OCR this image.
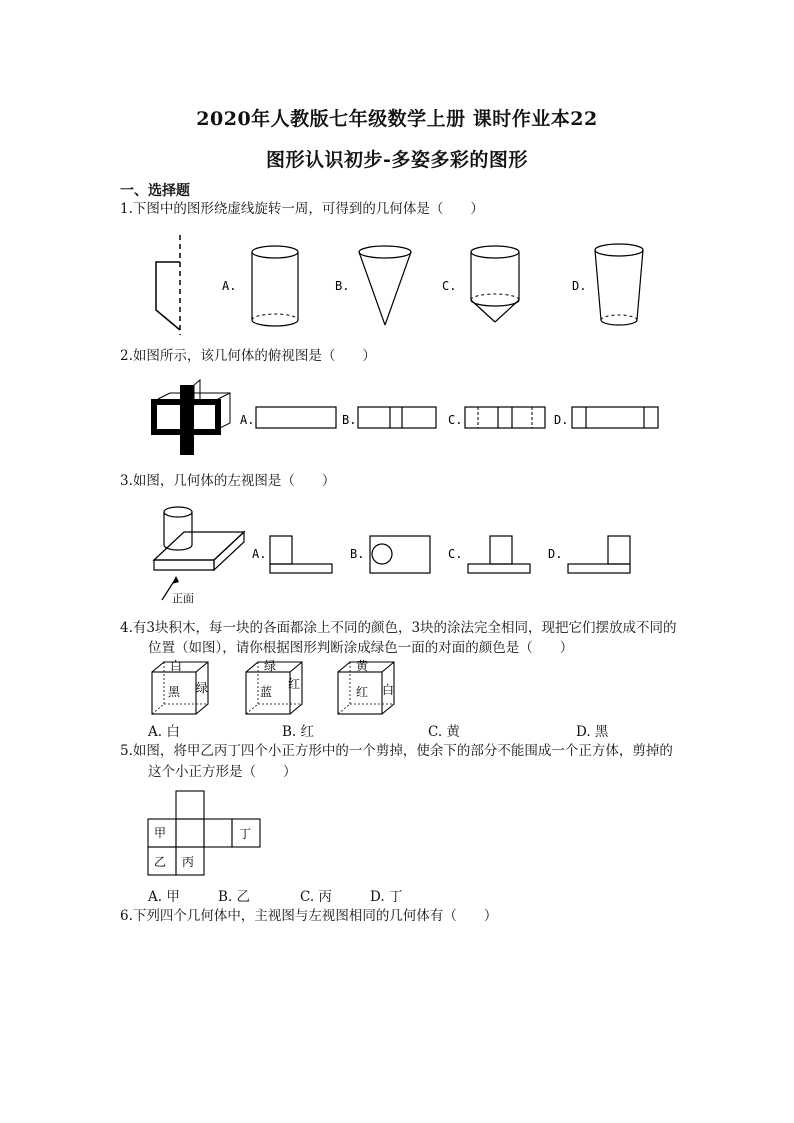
2020年人教版七年级数学上册 课时作业本22
图形认识初步-多姿多彩的图形
一、选择题
1.下图中的图形绕虚线旋转一周，可得到的几何体是（　　）
A.	B.	C.	D.
2.如图所示，该几何体的俯视图是（　　）
A.	B.	C.	D.
3.如图，几何体的左视图是（　　）
正面
A.	B.	C.	D.
4.有3块积木，每一块的各面都涂上不同的颜色，3块的涂法完全相同，现把它们摆放成不同的
位置（如图），请你根据图形判断涂成绿色一面的对面的颜色是（　　）
白
黑 绿
绿
蓝
红
黄
红 白
A. 白	B. 红	C. 黄	D. 黑
5.如图，将甲乙丙丁四个小正方形中的一个剪掉，使余下的部分不能围成一个正方体，剪掉的
这个小正方形是（　　）
甲
乙 丙
丁
A. 甲	B. 乙	C. 丙	D. 丁
6.下列四个几何体中，主视图与左视图相同的几何体有（　　）
